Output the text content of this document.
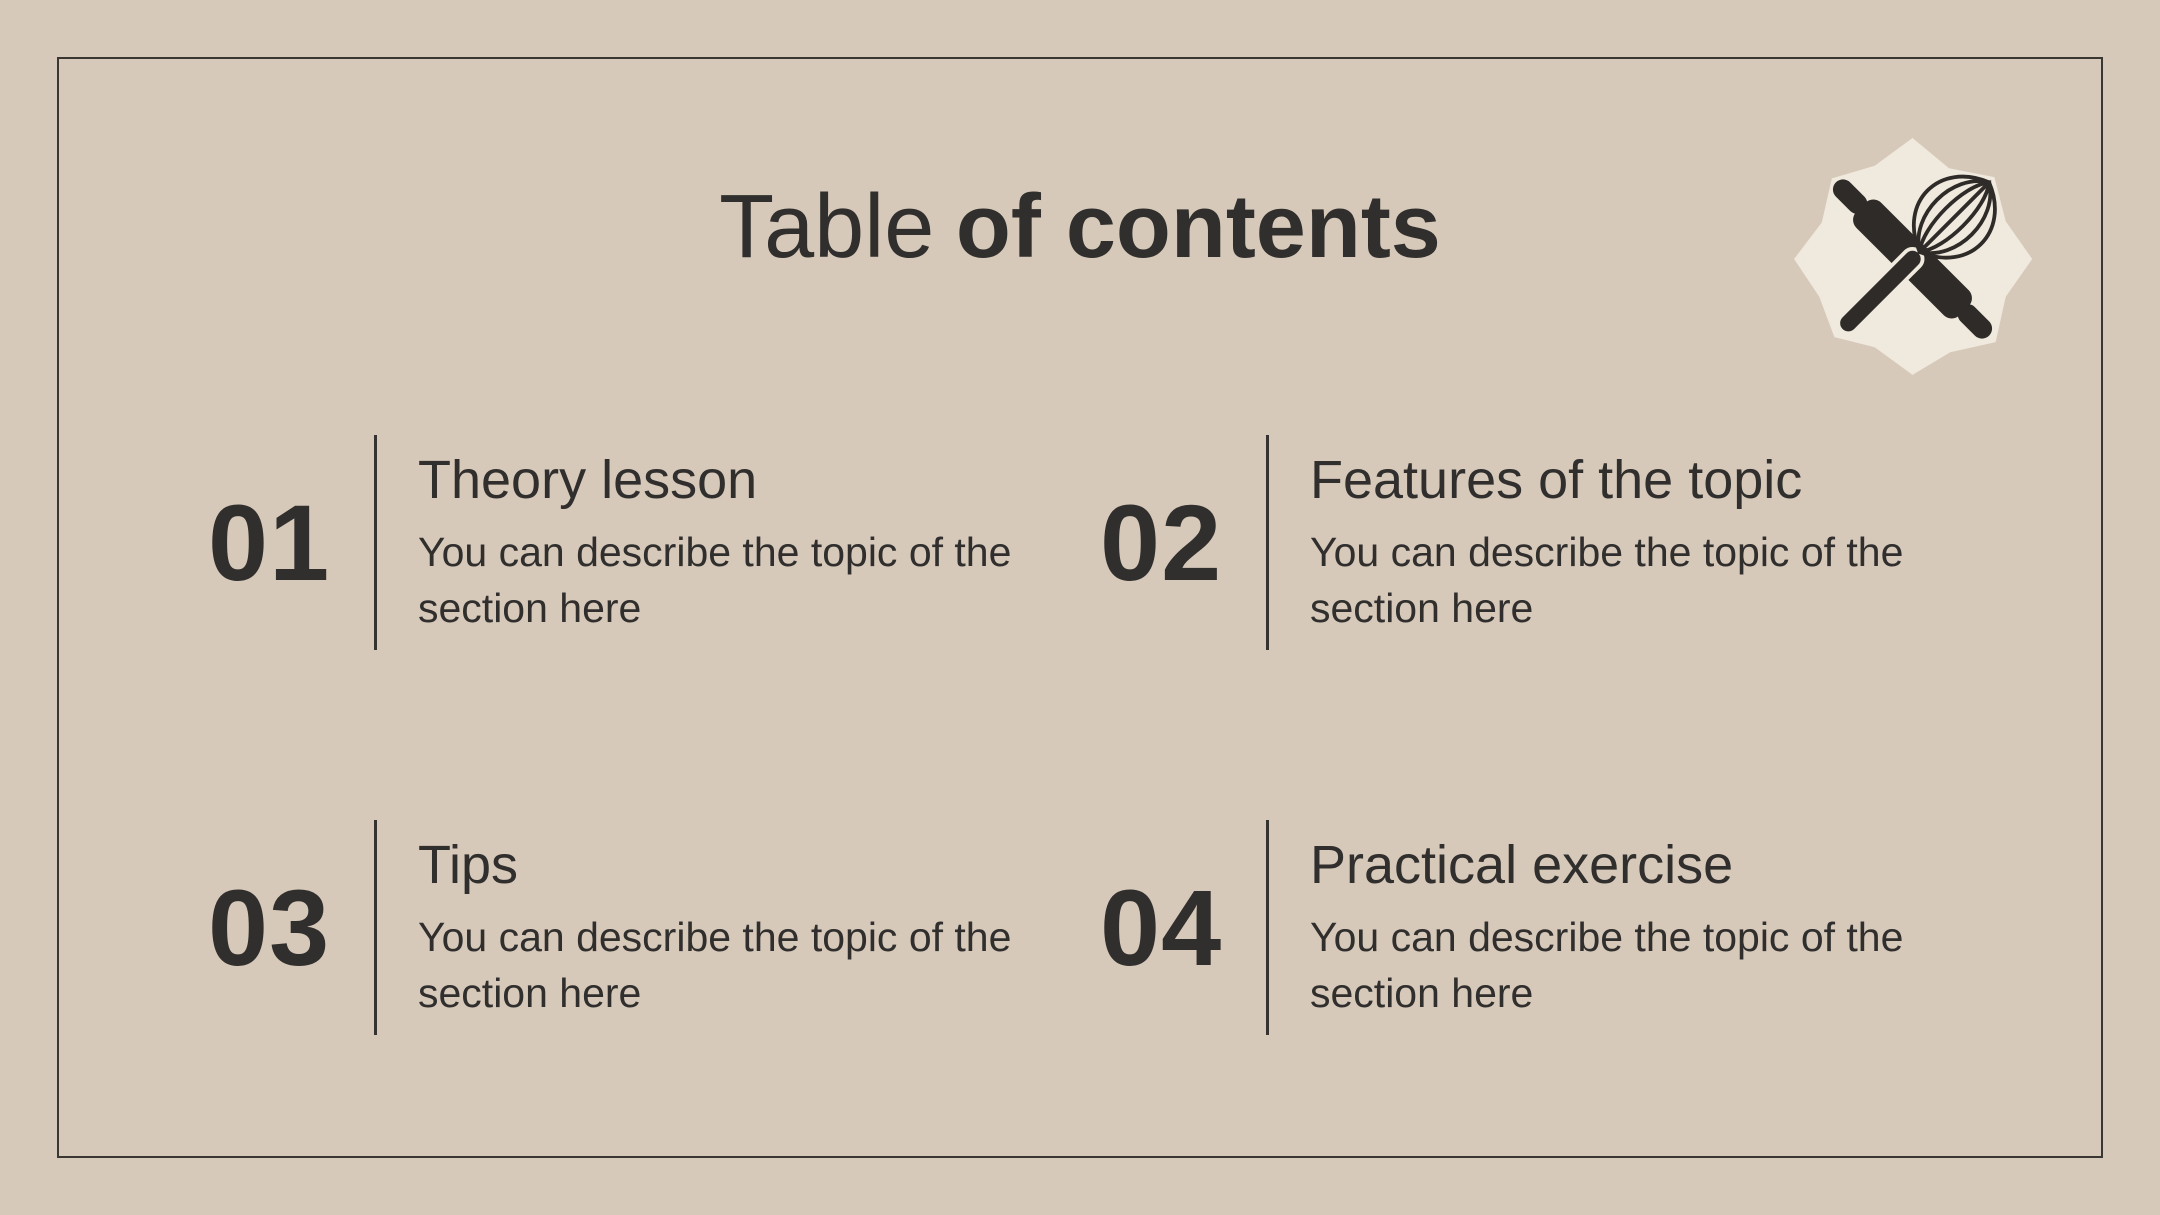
Table of contents
01
Theory lesson
You can describe the topic of the section here
02
Features of the topic
You can describe the topic of the section here
03
Tips
You can describe the topic of the section here
04
Practical exercise
You can describe the topic of the section here
